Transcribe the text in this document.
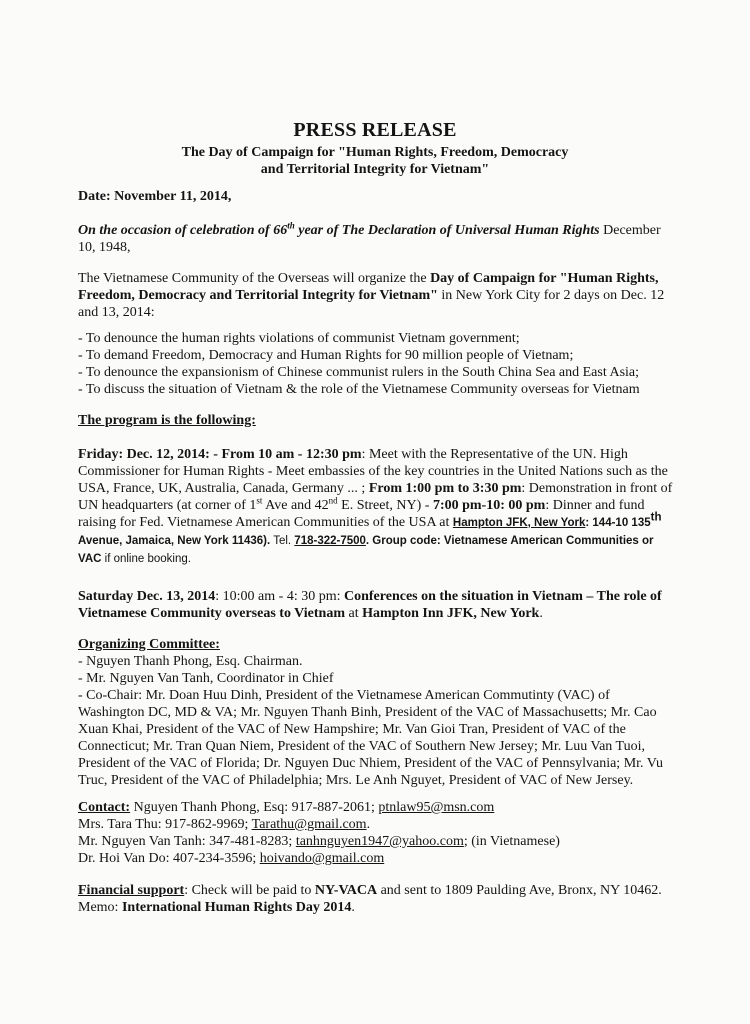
PRESS RELEASE
The Day of Campaign for "Human Rights, Freedom, Democracy
and Territorial Integrity for Vietnam"
Date: November 11, 2014,
On the occasion of celebration of 66th year of The Declaration of Universal Human Rights December 10, 1948,
The Vietnamese Community of the Overseas will organize the Day of Campaign for "Human Rights, Freedom, Democracy and Territorial Integrity for Vietnam" in New York City for 2 days on Dec. 12 and 13, 2014:
- To denounce the human rights violations of communist Vietnam government;
- To demand Freedom, Democracy and Human Rights for 90 million people of Vietnam;
- To denounce the expansionism of Chinese communist rulers in the South China Sea and East Asia;
- To discuss the situation of Vietnam & the role of the Vietnamese Community overseas for Vietnam
The program is the following:
Friday: Dec. 12, 2014: - From 10 am - 12:30 pm: Meet with the Representative of the UN. High Commissioner for Human Rights - Meet embassies of the key countries in the United Nations such as the USA, France, UK, Australia, Canada, Germany ... ; From 1:00 pm to 3:30 pm: Demonstration in front of UN headquarters (at corner of 1st Ave and 42nd E. Street, NY) - 7:00 pm-10: 00 pm: Dinner and fund raising for Fed. Vietnamese American Communities of the USA at Hampton JFK, New York: 144-10 135th Avenue, Jamaica, New York 11436). Tel. 718-322-7500. Group code: Vietnamese American Communities or VAC if online booking.
Saturday Dec. 13, 2014: 10:00 am - 4: 30 pm: Conferences on the situation in Vietnam – The role of Vietnamese Community overseas to Vietnam at Hampton Inn JFK, New York.
Organizing Committee:
- Nguyen Thanh Phong, Esq. Chairman.
- Mr. Nguyen Van Tanh, Coordinator in Chief
- Co-Chair: Mr. Doan Huu Dinh, President of the Vietnamese American Commutinty (VAC) of Washington DC, MD & VA; Mr. Nguyen Thanh Binh, President of the VAC of Massachusetts; Mr. Cao Xuan Khai, President of the VAC of New Hampshire; Mr. Van Gioi Tran, President of VAC of the Connecticut; Mr. Tran Quan Niem, President of the VAC of Southern New Jersey; Mr. Luu Van Tuoi, President of the VAC of Florida; Dr. Nguyen Duc Nhiem, President of the VAC of Pennsylvania; Mr. Vu Truc, President of the VAC of Philadelphia; Mrs. Le Anh Nguyet, President of VAC of New Jersey.
Contact: Nguyen Thanh Phong, Esq: 917-887-2061; ptnlaw95@msn.com
Mrs. Tara Thu: 917-862-9969; Tarathu@gmail.com.
Mr. Nguyen Van Tanh: 347-481-8283; tanhnguyen1947@yahoo.com; (in Vietnamese)
Dr. Hoi Van Do: 407-234-3596; hoivando@gmail.com
Financial support: Check will be paid to NY-VACA and sent to 1809 Paulding Ave, Bronx, NY 10462.
Memo: International Human Rights Day 2014.
